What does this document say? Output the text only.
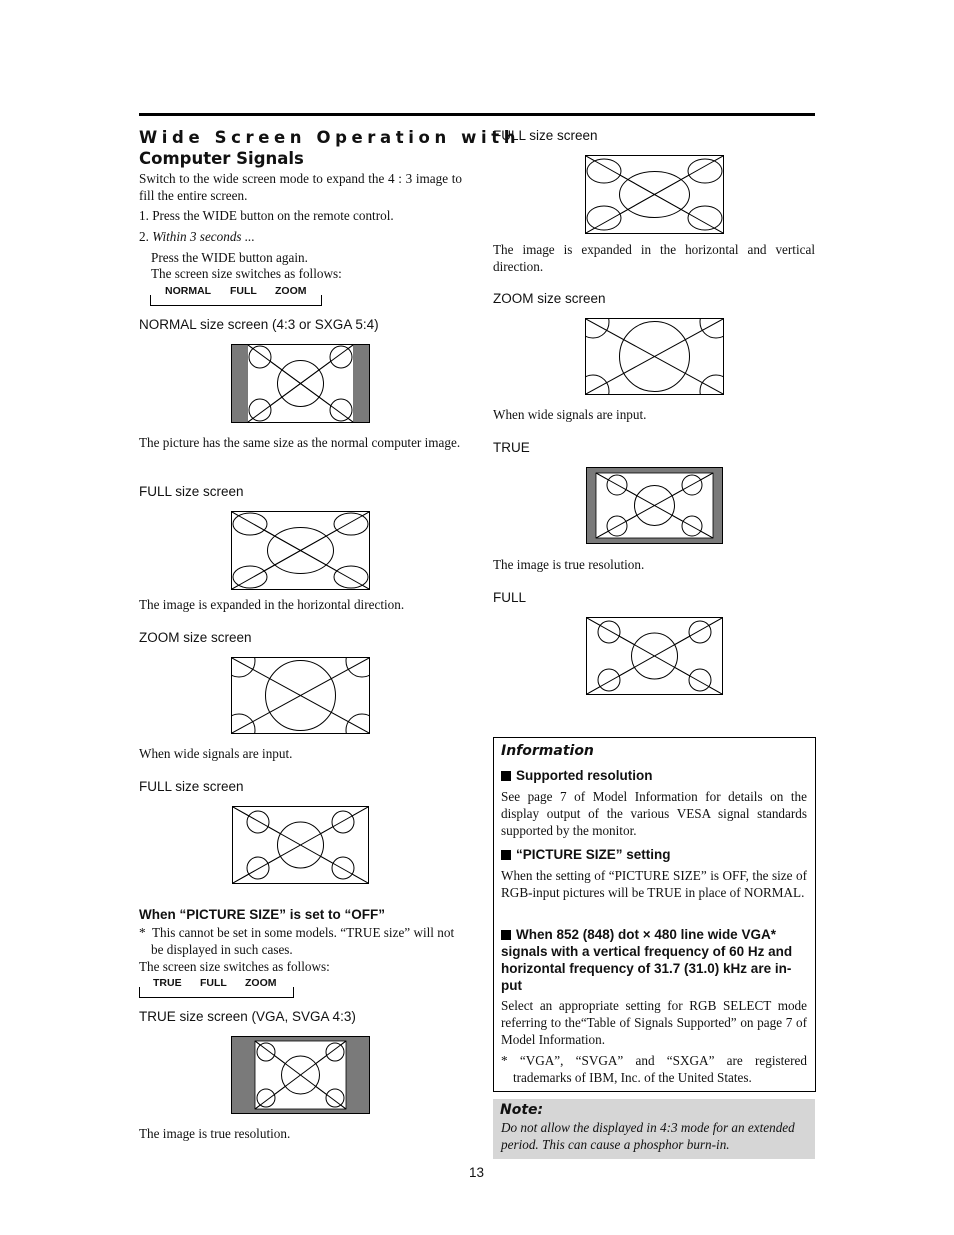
Wide Screen Operation with
Computer Signals
Switch to the wide screen mode to expand the 4 : 3 image to fill the entire screen.
1. Press the WIDE button on the remote control.
2. Within 3 seconds ...
Press the WIDE button again.
The screen size switches as follows:
NORMAL FULL ZOOM
NORMAL size screen (4:3 or SXGA 5:4)
The picture has the same size as the normal computer image.
FULL size screen
The image is expanded in the horizontal direction.
ZOOM size screen
When wide signals are input.
FULL size screen
When “PICTURE SIZE” is set to “OFF”
* This cannot be set in some models. “TRUE size” will not
be displayed in such cases.
The screen size switches as follows:
TRUE FULL ZOOM
TRUE size screen (VGA, SVGA 4:3)
The image is true resolution.
FULL size screen
The image is expanded in the horizontal and vertical direction.
ZOOM size screen
When wide signals are input.
TRUE
The image is true resolution.
FULL
Information
Supported resolution
See page 7 of Model Information for details on the display output of the various VESA signal standards supported by the monitor.
“PICTURE SIZE” setting
When the setting of “PICTURE SIZE” is OFF, the size of RGB-input pictures will be TRUE in place of NORMAL.
When 852 (848) dot × 480 line wide VGA*
signals with a vertical frequency of 60 Hz and
horizontal frequency of 31.7 (31.0) kHz are in-
put
Select an appropriate setting for RGB SELECT mode referring to the“Table of Signals Supported” on page 7 of Model Information.
* “VGA”, “SVGA” and “SXGA” are registered
trademarks of IBM, Inc. of the United States.
Note:
Do not allow the displayed in 4:3 mode for an extended period. This can cause a phosphor burn-in.
13
